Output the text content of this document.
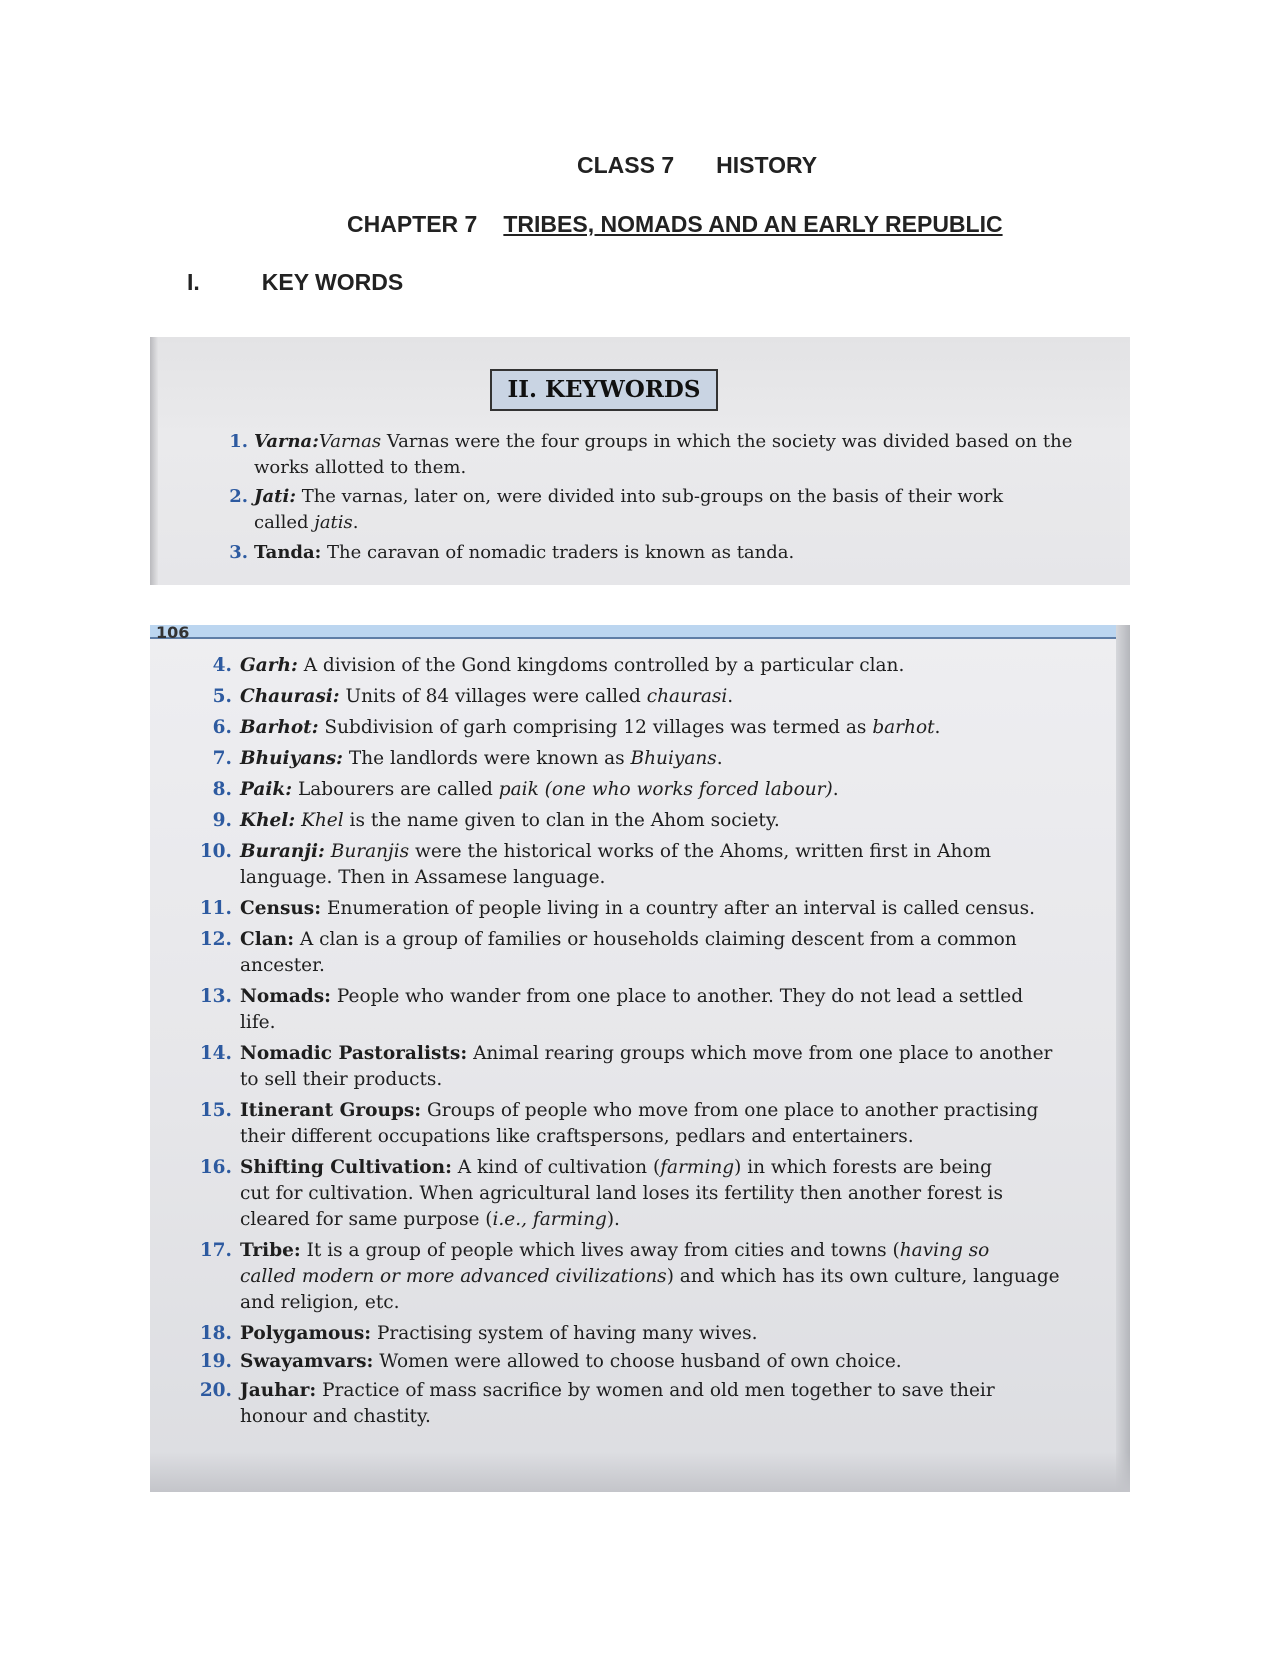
CLASS 7 HISTORY
CHAPTER 7 TRIBES, NOMADS AND AN EARLY REPUBLIC
I.	KEY WORDS
II. KEYWORDS
1. Varna:Varnas Varnas were the four groups in which the society was divided based on the
works allotted to them.
2. Jati: The varnas, later on, were divided into sub-groups on the basis of their work
called jatis.
3. Tanda: The caravan of nomadic traders is known as tanda.
106
4. Garh: A division of the Gond kingdoms controlled by a particular clan.
5. Chaurasi: Units of 84 villages were called chaurasi.
6. Barhot: Subdivision of garh comprising 12 villages was termed as barhot.
7. Bhuiyans: The landlords were known as Bhuiyans.
8. Paik: Labourers are called paik (one who works forced labour).
9. Khel: Khel is the name given to clan in the Ahom society.
10. Buranji: Buranjis were the historical works of the Ahoms, written first in Ahom
language. Then in Assamese language.
11. Census: Enumeration of people living in a country after an interval is called census.
12. Clan: A clan is a group of families or households claiming descent from a common
ancester.
13. Nomads: People who wander from one place to another. They do not lead a settled
life.
14. Nomadic Pastoralists: Animal rearing groups which move from one place to another
to sell their products.
15. Itinerant Groups: Groups of people who move from one place to another practising
their different occupations like craftspersons, pedlars and entertainers.
16. Shifting Cultivation: A kind of cultivation (farming) in which forests are being
cut for cultivation. When agricultural land loses its fertility then another forest is
cleared for same purpose (i.e., farming).
17. Tribe: It is a group of people which lives away from cities and towns (having so
called modern or more advanced civilizations) and which has its own culture, language
and religion, etc.
18. Polygamous: Practising system of having many wives.
19. Swayamvars: Women were allowed to choose husband of own choice.
20. Jauhar: Practice of mass sacrifice by women and old men together to save their
honour and chastity.
